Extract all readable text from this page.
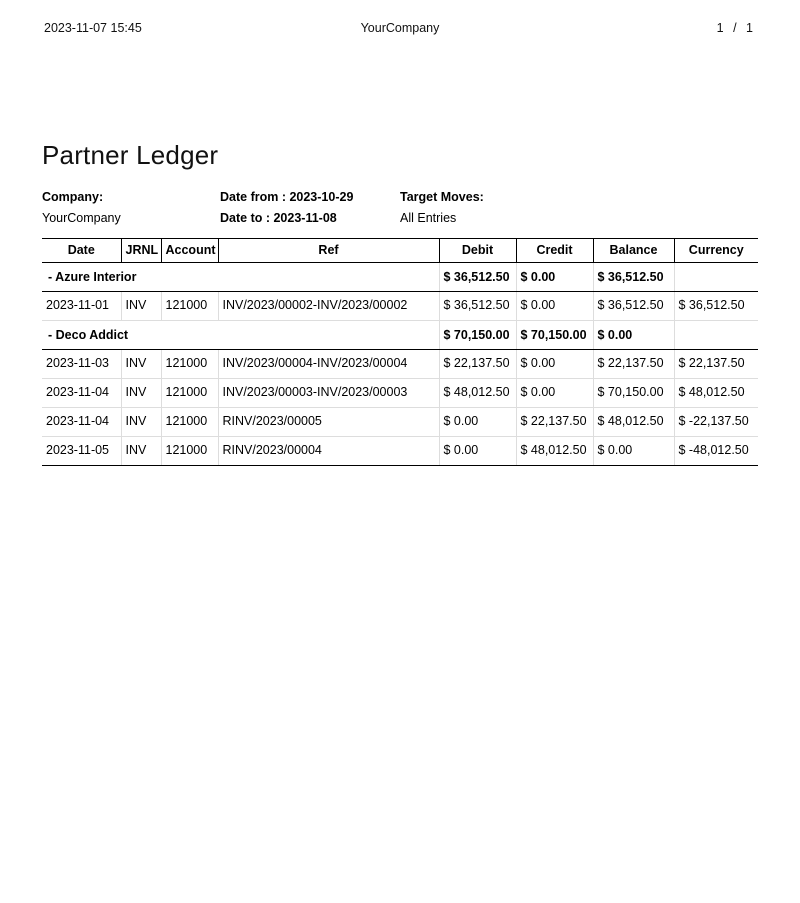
2023-11-07 15:45	YourCompany	1 / 1
Partner Ledger
Company:
YourCompany
Date from : 2023-10-29
Date to : 2023-11-08
Target Moves:
All Entries
Date	JRNL	Account	Ref	Debit	Credit	Balance	Currency
- Azure Interior				$ 36,512.50	$ 0.00	$ 36,512.50	
2023-11-01	INV	121000	INV/2023/00002-INV/2023/00002	$ 36,512.50	$ 0.00	$ 36,512.50	$ 36,512.50
- Deco Addict				$ 70,150.00	$ 70,150.00	$ 0.00	
2023-11-03	INV	121000	INV/2023/00004-INV/2023/00004	$ 22,137.50	$ 0.00	$ 22,137.50	$ 22,137.50
2023-11-04	INV	121000	INV/2023/00003-INV/2023/00003	$ 48,012.50	$ 0.00	$ 70,150.00	$ 48,012.50
2023-11-04	INV	121000	RINV/2023/00005	$ 0.00	$ 22,137.50	$ 48,012.50	$ -22,137.50
2023-11-05	INV	121000	RINV/2023/00004	$ 0.00	$ 48,012.50	$ 0.00	$ -48,012.50
